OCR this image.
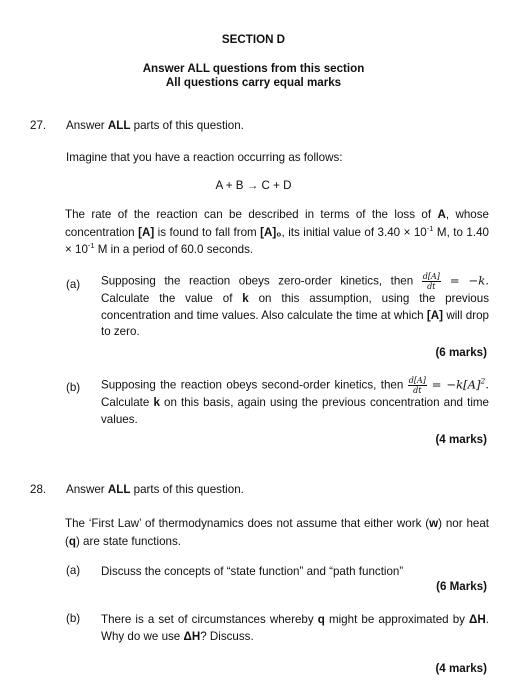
SECTION D
Answer ALL questions from this section
All questions carry equal marks
27. Answer ALL parts of this question.
Imagine that you have a reaction occurring as follows:
A + B → C + D
The rate of the reaction can be described in terms of the loss of A, whose concentration [A] is found to fall from [A]₀, its initial value of $3.40 \times 10^{-1}$ M, to $1.40 \times 10^{-1}$ M in a period of 60.0 seconds.
(a) Supposing the reaction obeys zero-order kinetics, then $\frac{d[A]}{dt} = -k$. Calculate the value of k on this assumption, using the previous concentration and time values. Also calculate the time at which [A] will drop to zero.
(6 marks)
(b) Supposing the reaction obeys second-order kinetics, then $\frac{d[A]}{dt} = -k[A]^2$. Calculate k on this basis, again using the previous concentration and time values.
(4 marks)
28. Answer ALL parts of this question.
The ‘First Law’ of thermodynamics does not assume that either work (w) nor heat (q) are state functions.
(a) Discuss the concepts of “state function” and “path function”
(6 Marks)
(b) There is a set of circumstances whereby q might be approximated by ΔH. Why do we use ΔH? Discuss.
(4 marks)
